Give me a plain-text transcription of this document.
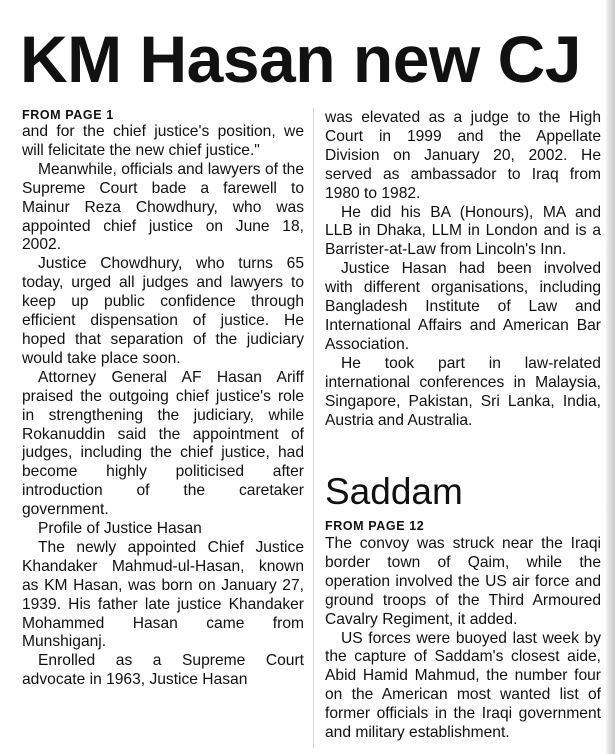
KM Hasan new CJ

FROM PAGE 1

and for the chief justice's position, we will felicitate the new chief justice."

Meanwhile, officials and lawyers of the Supreme Court bade a farewell to Mainur Reza Chowdhury, who was appointed chief justice on June 18, 2002.

Justice Chowdhury, who turns 65 today, urged all judges and lawyers to keep up public confidence through efficient dispensation of justice. He hoped that separation of the judiciary would take place soon.

Attorney General AF Hasan Ariff praised the outgoing chief justice's role in strengthening the judiciary, while Rokanuddin said the appointment of judges, including the chief justice, had become highly politicised after introduction of the caretaker government.

Profile of Justice Hasan

The newly appointed Chief Justice Khandaker Mahmud-ul-Hasan, known as KM Hasan, was born on January 27, 1939. His father late justice Khandaker Mohammed Hasan came from Munshiganj.

Enrolled as a Supreme Court advocate in 1963, Justice Hasan

was elevated as a judge to the High Court in 1999 and the Appellate Division on January 20, 2002. He served as ambassador to Iraq from 1980 to 1982.

He did his BA (Honours), MA and LLB in Dhaka, LLM in London and is a Barrister-at-Law from Lincoln's Inn.

Justice Hasan had been involved with different organisations, including Bangladesh Institute of Law and International Affairs and American Bar Association.

He took part in law-related international conferences in Malaysia, Singapore, Pakistan, Sri Lanka, India, Austria and Australia.

Saddam

FROM PAGE 12

The convoy was struck near the Iraqi border town of Qaim, while the operation involved the US air force and ground troops of the Third Armoured Cavalry Regiment, it added.

US forces were buoyed last week by the capture of Saddam's closest aide, Abid Hamid Mahmud, the number four on the American most wanted list of former officials in the Iraqi government and military establishment.
